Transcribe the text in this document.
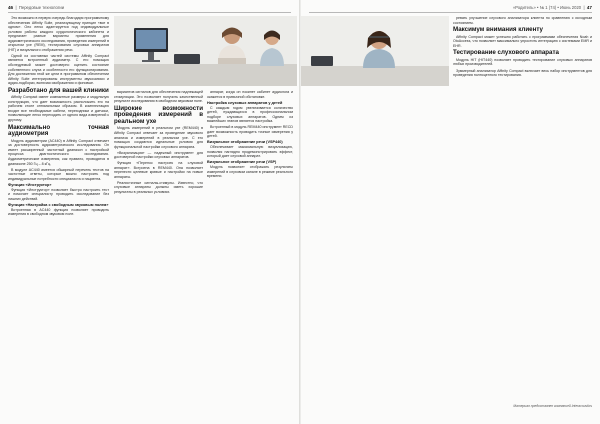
46  |  Передовые технологии

Это возможно в первую очередь благодаря программному обеспечению Affinity Suite, реализующему принцип «все в одном». Оно легко адаптируется под индивидуальные условия работы каждого сурдологического кабинета и предлагает разные варианты применения для аудиометрического исследования, проведения измерений в открытом ухе (REM), тестирования слуховых аппаратов (HIT) и визуального отображения речи.

Одной из составных частей системы Affinity Compact является встроенный аудиометр. С его помощью обследуемый может достоверно оценить состояние собственного слуха и особенности его функционирования. Для достижения этой же цели в программном обеспечении Affinity Suite интегрированы инструменты звукозаписи и аудио-подборки, включая изображения и фоновые.

Разработано для вашей клиники

Affinity Compact имеет компактные размеры и модульную конструкцию, что дает возможность расположить его на рабочем столе оптимальным образом. В комплектацию входят все необходимые кабели, переходники и датчики, позволяющие легко переходить от одного вида измерений к другому.

Максимально точная аудиометрия

Модуль аудиометрии (AC440) в Affinity Compact отвечает за достоверность аудиометрического исследования. Он имеет расширенный частотный диапазон с настройкой процесса диагностического исследования. Аудиометрические измерения, как правило, проводятся в диапазоне 250 Гц – 8 кГц.

В модуле AC440 имеется обширный перечень тестов на частотные ответы, которые можно настроить под индивидуальные потребности специалиста и пациента.

Функция «Инструктор»

Функция «Инструктор» позволяет быстро настроить тест и помогает специалисту проводить исследование без лишних действий.

Функция «Настройка с свободным звуковым полем»

Встроенная в AC440 функция позволяет проводить измерения в свободном звуковом поле.

вариантов сигналов для обеспечения надлежащей стимуляции. Это позволяет получить качественный результат исследования в свободном звуковом поле.

Широкие возможности проведения измерений в реальном ухе

Модуль измерений в реальном ухе (REM440) в Affinity Compact отвечает за проведение звукового анализа и измерений в реальном ухе. С его помощью создаются идеальные условия для функциональной настройки слухового аппарата.

«Визуализация» — надежный инструмент для достоверной настройки слуховых аппаратов.

Функция «Перенос настроек на слуховой аппарат». Встроена в REM440. Она позволяет перенести целевые кривые и настройки на новые аппараты.

Реалистичные сигналы-стимулы. Известно, что слуховые аппараты должны иметь хорошие результаты в реальных условиях.

аппарат, когда он покинет кабинет аудиолога и окажется в привычной обстановке.

Настройка слуховых аппаратов у детей

С каждым годом увеличивается количество детей, нуждающихся в профессиональном подборе слуховых аппаратов. Одним из важнейших этапов является настройка.

Встроенный в модуль REM440 инструмент RECD дает возможность проводить точные измерения у детей.

Визуальное отображение речи (VSP440)

Обеспечивает максимальную визуализацию, позволяя наглядно продемонстрировать эффект, который дает слуховой аппарат.

Визуальное отображение речи (VSP)

Модуль позволяет отображать результаты измерений в слуховом канале в режиме реального времени.

«Родитель» • № 1 (74) • Июнь 2020  |  47

ревать улучшение слухового анализатора клиента по сравнению с исходным состоянием.

Максимум внимания клиенту

Affinity Compact может успешно работать с программами обеспечения Noah и OtoAccess, что позволяет максимально упростить интеграцию с системами EMR и EHR.

Тестирование слухового аппарата

Модуль HIT (HIT440) позволяет проводить тестирование слуховых аппаратов любых производителей.

Зуммерный анализатор Affinity Compact включает весь набор инструментов для проведения полноценного тестирования.

Материал предоставлен компанией Interacoustics
